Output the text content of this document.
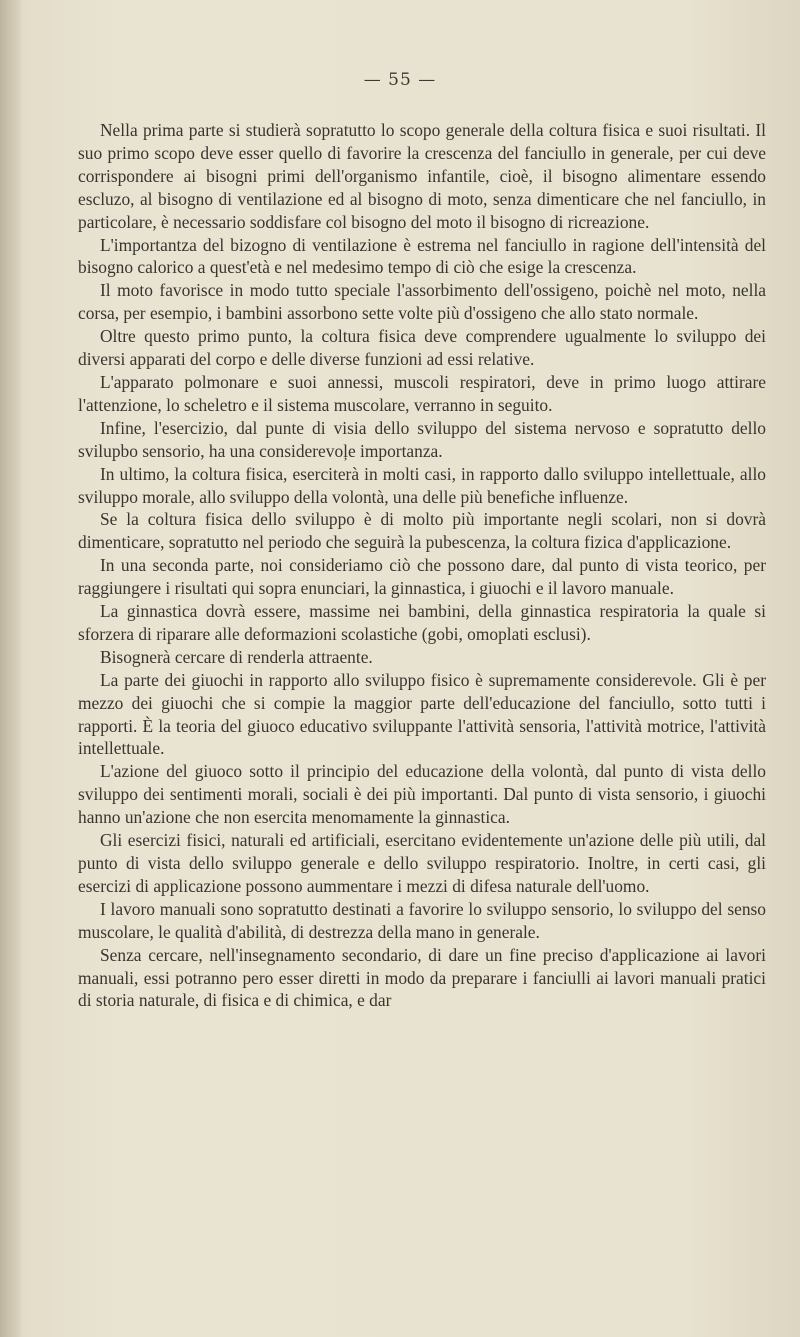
— 55 —

Nella prima parte si studierà sopratutto lo scopo generale della coltura fisica e suoi risultati. Il suo primo scopo deve esser quello di favorire la crescenza del fanciullo in generale, per cui deve corrispondere ai bisogni primi dell'organismo infantile, cioè, il bisogno alimentare essendo escluzo, al bisogno di ventilazione ed al bisogno di moto, senza dimenticare che nel fanciullo, in particolare, è necessario soddisfare col bisogno del moto il bisogno di ricreazione.

L'importantza del bizogno di ventilazione è estrema nel fanciullo in ragione dell'intensità del bisogno calorico a quest'età e nel medesimo tempo di ciò che esige la crescenza.

Il moto favorisce in modo tutto speciale l'assorbimento dell'ossigeno, poichè nel moto, nella corsa, per esempio, i bambini assorbono sette volte più d'ossigeno che allo stato normale.

Oltre questo primo punto, la coltura fisica deve comprendere ugualmente lo sviluppo dei diversi apparati del corpo e delle diverse funzioni ad essi relative.

L'apparato polmonare e suoi annessi, muscoli respiratori, deve in primo luogo attirare l'attenzione, lo scheletro e il sistema muscolare, verranno in seguito.

Infine, l'esercizio, dal punte di visia dello sviluppo del sistema nervoso e sopratutto dello svilupbo sensorio, ha una considerevoļe importanza.

In ultimo, la coltura fisica, eserciterà in molti casi, in rapporto dallo sviluppo intellettuale, allo sviluppo morale, allo sviluppo della volontà, una delle più benefiche influenze.

Se la coltura fisica dello sviluppo è di molto più importante negli scolari, non si dovrà dimenticare, sopratutto nel periodo che seguirà la pubescenza, la coltura fizica d'applicazione.

In una seconda parte, noi consideriamo ciò che possono dare, dal punto di vista teorico, per raggiungere i risultati qui sopra enunciari, la ginnastica, i giuochi e il lavoro manuale.

La ginnastica dovrà essere, massime nei bambini, della ginnastica respiratoria la quale si sforzera di riparare alle deformazioni scolastiche (gobi, omoplati esclusi).

Bisognerà cercare di renderla attraente.

La parte dei giuochi in rapporto allo sviluppo fisico è supremamente considerevole. Gli è per mezzo dei giuochi che si compie la maggior parte dell'educazione del fanciullo, sotto tutti i rapporti. È la teoria del giuoco educativo sviluppante l'attività sensoria, l'attività motrice, l'attività intellettuale.

L'azione del giuoco sotto il principio del educazione della volontà, dal punto di vista dello sviluppo dei sentimenti morali, sociali è dei più importanti. Dal punto di vista sensorio, i giuochi hanno un'azione che non esercita menomamente la ginnastica.

Gli esercizi fisici, naturali ed artificiali, esercitano evidentemente un'azione delle più utili, dal punto di vista dello sviluppo generale e dello sviluppo respiratorio. Inoltre, in certi casi, gli esercizi di applicazione possono aummentare i mezzi di difesa naturale dell'uomo.

I lavoro manuali sono sopratutto destinati a favorire lo sviluppo sensorio, lo sviluppo del senso muscolare, le qualità d'abilità, di destrezza della mano in generale.

Senza cercare, nell'insegnamento secondario, di dare un fine preciso d'applicazione ai lavori manuali, essi potranno pero esser diretti in modo da preparare i fanciulli ai lavori manuali pratici di storia naturale, di fisica e di chimica, e dar
